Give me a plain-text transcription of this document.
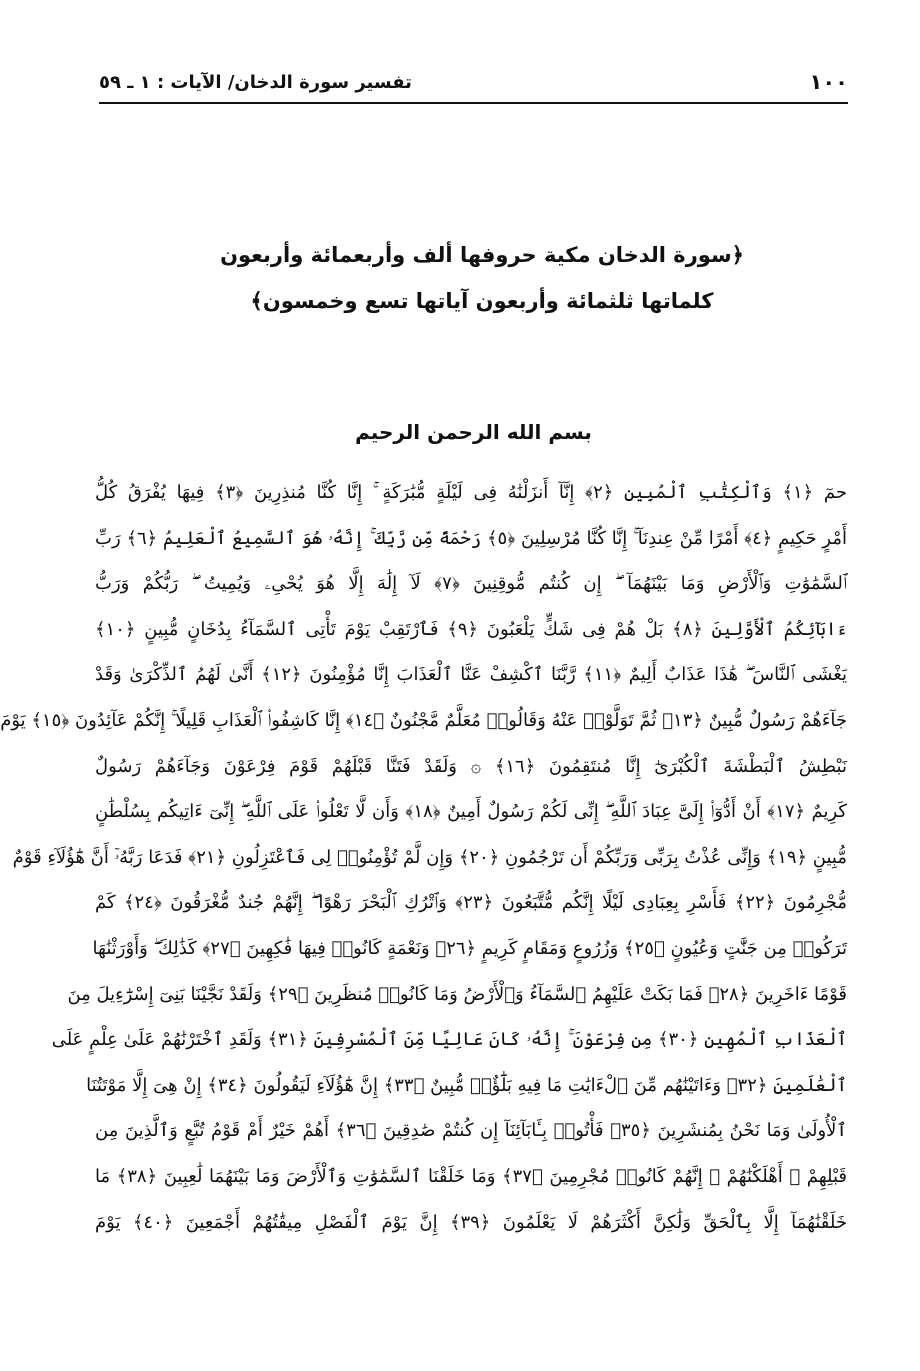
١٠٠
تفسير سورة الدخان/ الآيات : ١ ـ ٥٩
﴿سورة الدخان مكية حروفها ألف وأربعمائة وأربعون
كلماتها ثلثمائة وأربعون آياتها تسع وخمسون﴾
بسم الله الرحمن الرحيم
حمٓ ﴿١﴾ وَٱلْكِتَٰبِ ٱلْمُبِينِ ﴿٢﴾ إِنَّآ أَنزَلْنَٰهُ فِى لَيْلَةٍ مُّبَٰرَكَةٍ ۚ إِنَّا كُنَّا مُنذِرِينَ ﴿٣﴾ فِيهَا يُفْرَقُ كُلُّ
أَمْرٍ حَكِيمٍ ﴿٤﴾ أَمْرًا مِّنْ عِندِنَآ ۚ إِنَّا كُنَّا مُرْسِلِينَ ﴿٥﴾ رَحْمَةً مِّن رَّبِّكَ ۚ إِنَّهُۥ هُوَ ٱلسَّمِيعُ ٱلْعَلِيمُ ﴿٦﴾ رَبِّ
ٱلسَّمَٰوَٰتِ وَٱلْأَرْضِ وَمَا بَيْنَهُمَآ ۖ إِن كُنتُم مُّوقِنِينَ ﴿٧﴾ لَآ إِلَٰهَ إِلَّا هُوَ يُحْىِۦ وَيُمِيتُ ۖ رَبُّكُمْ وَرَبُّ
ءَابَآئِكُمُ ٱلْأَوَّلِينَ ﴿٨﴾ بَلْ هُمْ فِى شَكٍّ يَلْعَبُونَ ﴿٩﴾ فَٱرْتَقِبْ يَوْمَ تَأْتِى ٱلسَّمَآءُ بِدُخَانٍ مُّبِينٍ ﴿١٠﴾
يَغْشَى ٱلنَّاسَ ۖ هَٰذَا عَذَابٌ أَلِيمٌ ﴿١١﴾ رَّبَّنَا ٱكْشِفْ عَنَّا ٱلْعَذَابَ إِنَّا مُؤْمِنُونَ ﴿١٢﴾ أَنَّىٰ لَهُمُ ٱلذِّكْرَىٰ وَقَدْ
جَآءَهُمْ رَسُولٌ مُّبِينٌ ﴿١٣﴾ ثُمَّ تَوَلَّوْا۟ عَنْهُ وَقَالُوا۟ مُعَلَّمٌ مَّجْنُونٌ ﴿١٤﴾ إِنَّا كَاشِفُوا۟ ٱلْعَذَابِ قَلِيلًا ۚ إِنَّكُمْ عَآئِدُونَ ﴿١٥﴾ يَوْمَ
نَبْطِشُ ٱلْبَطْشَةَ ٱلْكُبْرَىٰٓ إِنَّا مُنتَقِمُونَ ﴿١٦﴾ ۞ وَلَقَدْ فَتَنَّا قَبْلَهُمْ قَوْمَ فِرْعَوْنَ وَجَآءَهُمْ رَسُولٌ
كَرِيمٌ ﴿١٧﴾ أَنْ أَدُّوٓا۟ إِلَىَّ عِبَادَ ٱللَّهِ ۖ إِنِّى لَكُمْ رَسُولٌ أَمِينٌ ﴿١٨﴾ وَأَن لَّا تَعْلُوا۟ عَلَى ٱللَّهِ ۖ إِنِّىٓ ءَاتِيكُم بِسُلْطَٰنٍ
مُّبِينٍ ﴿١٩﴾ وَإِنِّى عُذْتُ بِرَبِّى وَرَبِّكُمْ أَن تَرْجُمُونِ ﴿٢٠﴾ وَإِن لَّمْ تُؤْمِنُوا۟ لِى فَٱعْتَزِلُونِ ﴿٢١﴾ فَدَعَا رَبَّهُۥٓ أَنَّ هَٰٓؤُلَآءِ قَوْمٌ
مُّجْرِمُونَ ﴿٢٢﴾ فَأَسْرِ بِعِبَادِى لَيْلًا إِنَّكُم مُّتَّبَعُونَ ﴿٢٣﴾ وَٱتْرُكِ ٱلْبَحْرَ رَهْوًا ۖ إِنَّهُمْ جُندٌ مُّغْرَقُونَ ﴿٢٤﴾ كَمْ
تَرَكُوا۟ مِن جَنَّٰتٍ وَعُيُونٍ ﴿٢٥﴾ وَزُرُوعٍ وَمَقَامٍ كَرِيمٍ ﴿٢٦﴾ وَنَعْمَةٍ كَانُوا۟ فِيهَا فَٰكِهِينَ ﴿٢٧﴾ كَذَٰلِكَ ۖ وَأَوْرَثْنَٰهَا
قَوْمًا ءَاخَرِينَ ﴿٢٨﴾ فَمَا بَكَتْ عَلَيْهِمُ ٱلسَّمَآءُ وَٱلْأَرْضُ وَمَا كَانُوا۟ مُنظَرِينَ ﴿٢٩﴾ وَلَقَدْ نَجَّيْنَا بَنِىٓ إِسْرَٰٓءِيلَ مِنَ
ٱلْعَذَابِ ٱلْمُهِينِ ﴿٣٠﴾ مِن فِرْعَوْنَ ۚ إِنَّهُۥ كَانَ عَالِيًا مِّنَ ٱلْمُسْرِفِينَ ﴿٣١﴾ وَلَقَدِ ٱخْتَرْنَٰهُمْ عَلَىٰ عِلْمٍ عَلَى
ٱلْعَٰلَمِينَ ﴿٣٢﴾ وَءَاتَيْنَٰهُم مِّنَ ٱلْءَايَٰتِ مَا فِيهِ بَلَٰٓؤٌا۟ مُّبِينٌ ﴿٣٣﴾ إِنَّ هَٰٓؤُلَآءِ لَيَقُولُونَ ﴿٣٤﴾ إِنْ هِىَ إِلَّا مَوْتَتُنَا
ٱلْأُولَىٰ وَمَا نَحْنُ بِمُنشَرِينَ ﴿٣٥﴾ فَأْتُوا۟ بِـَٔابَآئِنَآ إِن كُنتُمْ صَٰدِقِينَ ﴿٣٦﴾ أَهُمْ خَيْرٌ أَمْ قَوْمُ تُبَّعٍ وَٱلَّذِينَ مِن
قَبْلِهِمْ ۚ أَهْلَكْنَٰهُمْ ۖ إِنَّهُمْ كَانُوا۟ مُجْرِمِينَ ﴿٣٧﴾ وَمَا خَلَقْنَا ٱلسَّمَٰوَٰتِ وَٱلْأَرْضَ وَمَا بَيْنَهُمَا لَٰعِبِينَ ﴿٣٨﴾ مَا
خَلَقْنَٰهُمَآ إِلَّا بِٱلْحَقِّ وَلَٰكِنَّ أَكْثَرَهُمْ لَا يَعْلَمُونَ ﴿٣٩﴾ إِنَّ يَوْمَ ٱلْفَصْلِ مِيقَٰتُهُمْ أَجْمَعِينَ ﴿٤٠﴾ يَوْمَ
